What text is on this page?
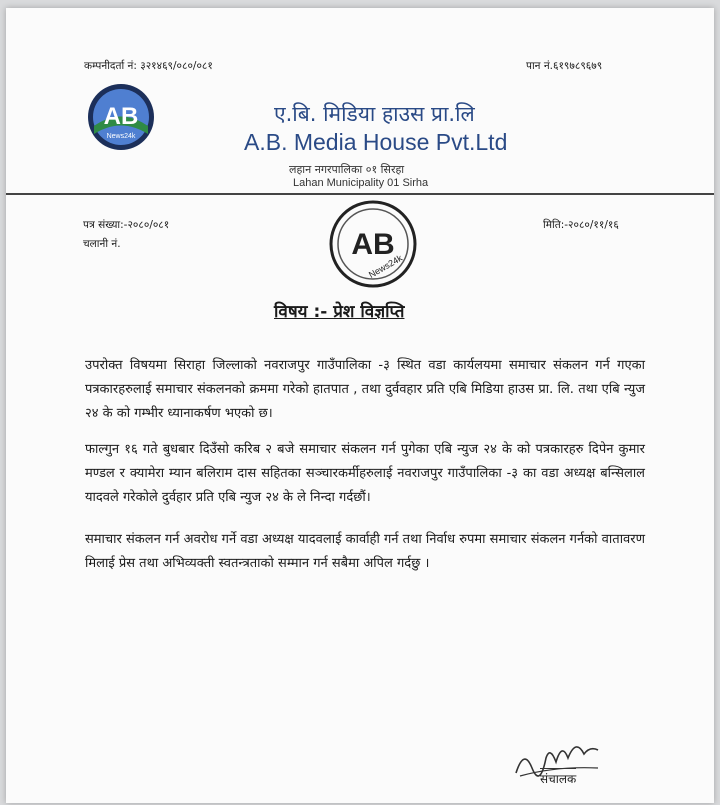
कम्पनीदर्ता नं: ३२१४६९/०८०/०८१	पान नं.६१९७८९६७९
AB
News24k
ए.बि. मिडिया हाउस प्रा.लि
A.B. Media House Pvt.Ltd
लहान नगरपालिका ०१ सिरहा
Lahan Municipality 01 Sirha
पत्र संख्या:-२०८०/०८१
चलानी नं.
मिति:-२०८०/११/१६
AB
News24k
विषय :- प्रेश विज्ञप्ति
उपरोक्त विषयमा सिराहा जिल्लाको नवराजपुर गाउँपालिका -३ स्थित वडा कार्यलयमा समाचार संकलन गर्न गएका पत्रकारहरुलाई समाचार संकलनको क्रममा गरेको हातपात , तथा दुर्ववहार प्रति एबि मिडिया हाउस प्रा. लि. तथा एबि न्युज २४ के को गम्भीर ध्यानाकर्षण भएको छ।
फाल्गुन १६ गते बुधबार दिउँसो करिब २ बजे समाचार संकलन गर्न पुगेका एबि न्युज २४ के को पत्रकारहरु दिपेन कुमार मण्डल र क्यामेरा म्यान बलिराम दास सहितका सञ्चारकर्मीहरुलाई नवराजपुर गाउँपालिका -३ का वडा अध्यक्ष बन्सिलाल यादवले गरेकोले दुर्वहार प्रति एबि न्युज २४ के ले निन्दा गर्दछौं।
समाचार संकलन गर्न अवरोध गर्ने वडा अध्यक्ष यादवलाई कार्वाही गर्न तथा निर्वाध रुपमा समाचार संकलन गर्नको वातावरण मिलाई प्रेस तथा अभिव्यक्ती स्वतन्त्रताको सम्मान गर्न सबैमा अपिल गर्दछु ।
संचालक
